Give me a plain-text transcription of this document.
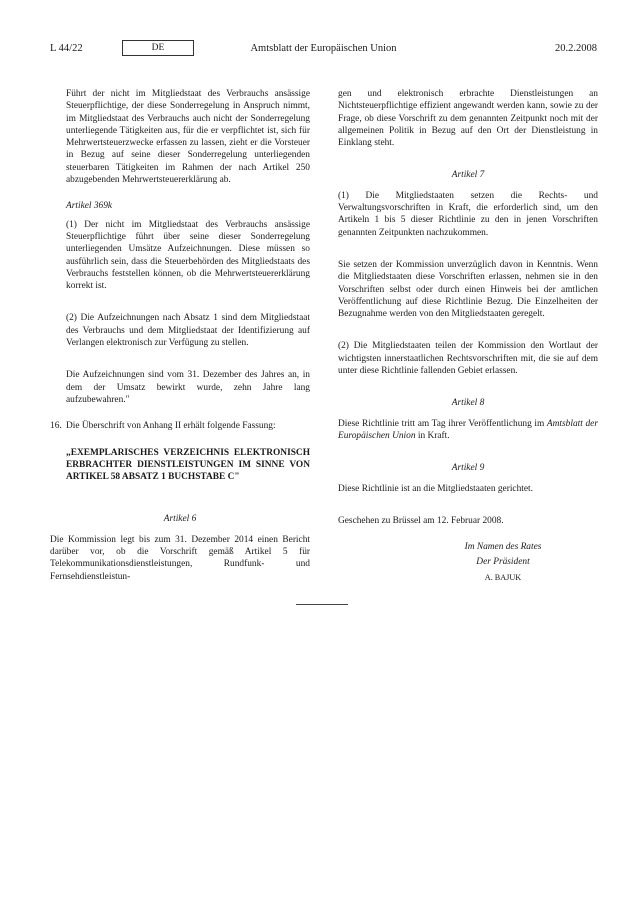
L 44/22	DE	Amtsblatt der Europäischen Union	20.2.2008

Führt der nicht im Mitgliedstaat des Verbrauchs ansässige Steuerpflichtige, der diese Sonderregelung in Anspruch nimmt, im Mitgliedstaat des Verbrauchs auch nicht der Sonderregelung unterliegende Tätigkeiten aus, für die er verpflichtet ist, sich für Mehrwertsteuerzwecke erfassen zu lassen, zieht er die Vorsteuer in Bezug auf seine dieser Sonderregelung unterliegenden steuerbaren Tätigkeiten im Rahmen der nach Artikel 250 abzugebenden Mehrwertsteuererklärung ab.

Artikel 369k

(1) Der nicht im Mitgliedstaat des Verbrauchs ansässige Steuerpflichtige führt über seine dieser Sonderregelung unterliegenden Umsätze Aufzeichnungen. Diese müssen so ausführlich sein, dass die Steuerbehörden des Mitgliedstaats des Verbrauchs feststellen können, ob die Mehrwertsteuererklärung korrekt ist.

(2) Die Aufzeichnungen nach Absatz 1 sind dem Mitgliedstaat des Verbrauchs und dem Mitgliedstaat der Identifizierung auf Verlangen elektronisch zur Verfügung zu stellen.

Die Aufzeichnungen sind vom 31. Dezember des Jahres an, in dem der Umsatz bewirkt wurde, zehn Jahre lang aufzubewahren."

16. Die Überschrift von Anhang II erhält folgende Fassung:

„EXEMPLARISCHES VERZEICHNIS ELEKTRONISCH ERBRACHTER DIENSTLEISTUNGEN IM SINNE VON ARTIKEL 58 ABSATZ 1 BUCHSTABE C"

Artikel 6

Die Kommission legt bis zum 31. Dezember 2014 einen Bericht darüber vor, ob die Vorschrift gemäß Artikel 5 für Telekommunikationsdienstleistungen, Rundfunk- und Fernsehdienstleistun-

gen und elektronisch erbrachte Dienstleistungen an Nichtsteuerpflichtige effizient angewandt werden kann, sowie zu der Frage, ob diese Vorschrift zu dem genannten Zeitpunkt noch mit der allgemeinen Politik in Bezug auf den Ort der Dienstleistung in Einklang steht.

Artikel 7

(1) Die Mitgliedstaaten setzen die Rechts- und Verwaltungsvorschriften in Kraft, die erforderlich sind, um den Artikeln 1 bis 5 dieser Richtlinie zu den in jenen Vorschriften genannten Zeitpunkten nachzukommen.

Sie setzen der Kommission unverzüglich davon in Kenntnis. Wenn die Mitgliedstaaten diese Vorschriften erlassen, nehmen sie in den Vorschriften selbst oder durch einen Hinweis bei der amtlichen Veröffentlichung auf diese Richtlinie Bezug. Die Einzelheiten der Bezugnahme werden von den Mitgliedstaaten geregelt.

(2) Die Mitgliedstaaten teilen der Kommission den Wortlaut der wichtigsten innerstaatlichen Rechtsvorschriften mit, die sie auf dem unter diese Richtlinie fallenden Gebiet erlassen.

Artikel 8

Diese Richtlinie tritt am Tag ihrer Veröffentlichung im Amtsblatt der Europäischen Union in Kraft.

Artikel 9

Diese Richtlinie ist an die Mitgliedstaaten gerichtet.

Geschehen zu Brüssel am 12. Februar 2008.

Im Namen des Rates

Der Präsident

A. BAJUK
